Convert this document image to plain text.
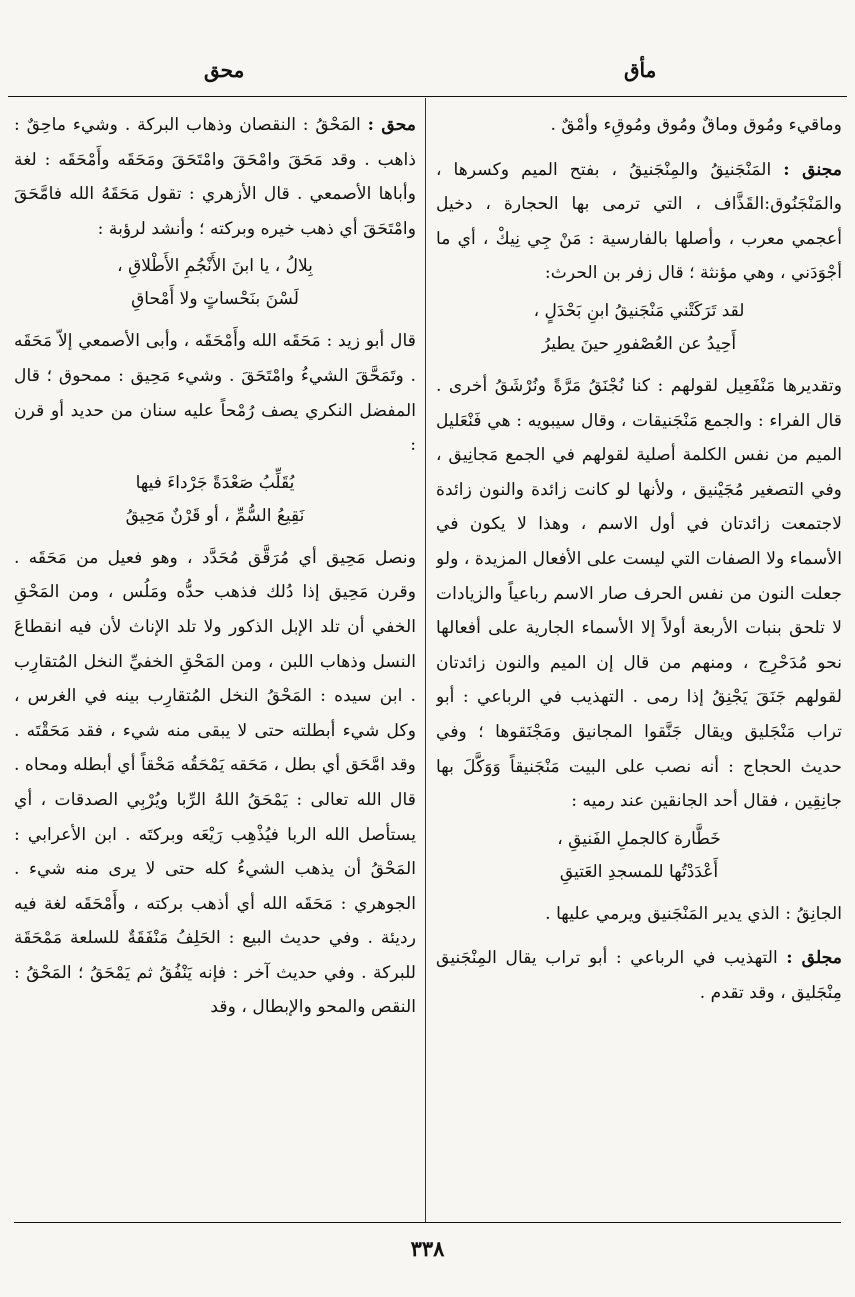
مأق
محق

وماقيء ومُوق وماقٌ ومُوق ومُوقِء وأمْقٌ .

مجنق : المَنْجَنيقُ والمِنْجَنيقُ ، بفتح الميم وكسرها ، والمَنْجَنُوق:القَذَّاف ، التي ترمى بها الحجارة ، دخيل أعجمي معرب ، وأصلها بالفارسية : مَنْ جِي نِيكْ ، أي ما أجْوَدَني ، وهي مؤنثة ؛ قال زفر بن الحرث:

لقد تَرَكَتْني مَنْجَنيقُ ابنِ بَحْدَلٍ ،
أَحِيدُ عن العُصْفورِ حينَ يطيرُ

وتقديرها مَنْفَعِيل لقولهم : كنا نُجْنَقُ مَرَّةً ونُرْشَقُ أخرى . قال الفراء : والجمع مَنْجَنيقات ، وقال سيبويه : هي فَنْعَليل الميم من نفس الكلمة أصلية لقولهم في الجمع مَجانِيق ، وفي التصغير مُجَيْنيق ، ولأنها لو كانت زائدة والنون زائدة لاجتمعت زائدتان في أول الاسم ، وهذا لا يكون في الأسماء ولا الصفات التي ليست على الأفعال المزيدة ، ولو جعلت النون من نفس الحرف صار الاسم رباعياً والزيادات لا تلحق بنبات الأربعة أولاً إلا الأسماء الجارية على أفعالها نحو مُدَحْرِج ، ومنهم من قال إن الميم والنون زائدتان لقولهم جَنَقَ يَجْنِقُ إذا رمى . التهذيب في الرباعي : أبو تراب مَنْجَليق ويقال جَنَّقوا المجانيق ومَجْنَقوها ؛ وفي حديث الحجاج : أنه نصب على البيت مَنْجَنيقاً وَوَكَّلَ بها جانِقِين ، فقال أحد الجانقين عند رميه :

خَطَّارة كالجملِ الفَنيقِ ،
أَعْدَدْتُها للمسجدِ العَتيقِ

الجانِقُ : الذي يدير المَنْجَنيق ويرمي عليها .

مجلق : التهذيب في الرباعي : أبو تراب يقال المِنْجَنيق مِنْجَليق ، وقد تقدم .

محق : المَحْقُ : النقصان وذهاب البركة . وشيء ماحِقٌ : ذاهب . وقد مَحَقَ وامْحَقَ وامْتَحَقَ ومَحَقَه وأَمْحَقَه : لغة وأباها الأصمعي . قال الأزهري : تقول مَحَقَهُ الله فامَّحَقَ وامْتَحَقَ أي ذهب خيره وبركته ؛ وأنشد لرؤبة :

بِلالُ ، يا ابنَ الأَنْجُمِ الأَطْلاقِ ،
لَسْنَ بنَحْساتٍ ولا أَمْحاقِ

قال أبو زيد : مَحَقَه الله وأَمْحَقَه ، وأبى الأصمعي إلاّ مَحَقَه . وتَمَحَّقَ الشيءُ وامْتَحَقَ . وشيء مَحِيق : ممحوق ؛ قال المفضل النكري يصف رُمْحاً عليه سنان من حديد أو قرن :

يُقَلِّبُ صَعْدَةً جَرْداءَ فيها
نَقِيعُ السُّمِّ ، أو قَرْنٌ مَحِيقُ

ونصل مَحِيق أي مُرَقَّق مُحَدَّد ، وهو فعيل من مَحَقَه . وقرن مَحِيق إذا دُلك فذهب حدُّه ومَلُس ، ومن المَحْقِ الخفي أن تلد الإبل الذكور ولا تلد الإناث لأن فيه انقطاعَ النسل وذهاب اللبن ، ومن المَحْقِ الخفيِّ النخل المُتقارِب . ابن سيده : المَحْقُ النخل المُتقارِب بينه في الغرس ، وكل شيء أبطلته حتى لا يبقى منه شيء ، فقد مَحَقْتَه . وقد امَّحَق أي بطل ، مَحَقه يَمْحَقُه مَحْقاً أي أبطله ومحاه . قال الله تعالى : يَمْحَقُ اللهُ الرِّبا ويُرْبِي الصدقات ، أي يستأصل الله الربا فيُذْهِب رَيْعَه وبركتَه . ابن الأعرابي : المَحْقُ أن يذهب الشيءُ كله حتى لا يرى منه شيء . الجوهري : مَحَقَه الله أي أذهب بركته ، وأَمْحَقَه لغة فيه رديئة . وفي حديث البيع : الحَلِفُ مَنْفَقَةٌ للسلعة مَمْحَقَة للبركة . وفي حديث آخر : فإنه يَنْفُقُ ثم يَمْحَقُ ؛ المَحْقُ : النقص والمحو والإبطال ، وقد

٣٣٨
